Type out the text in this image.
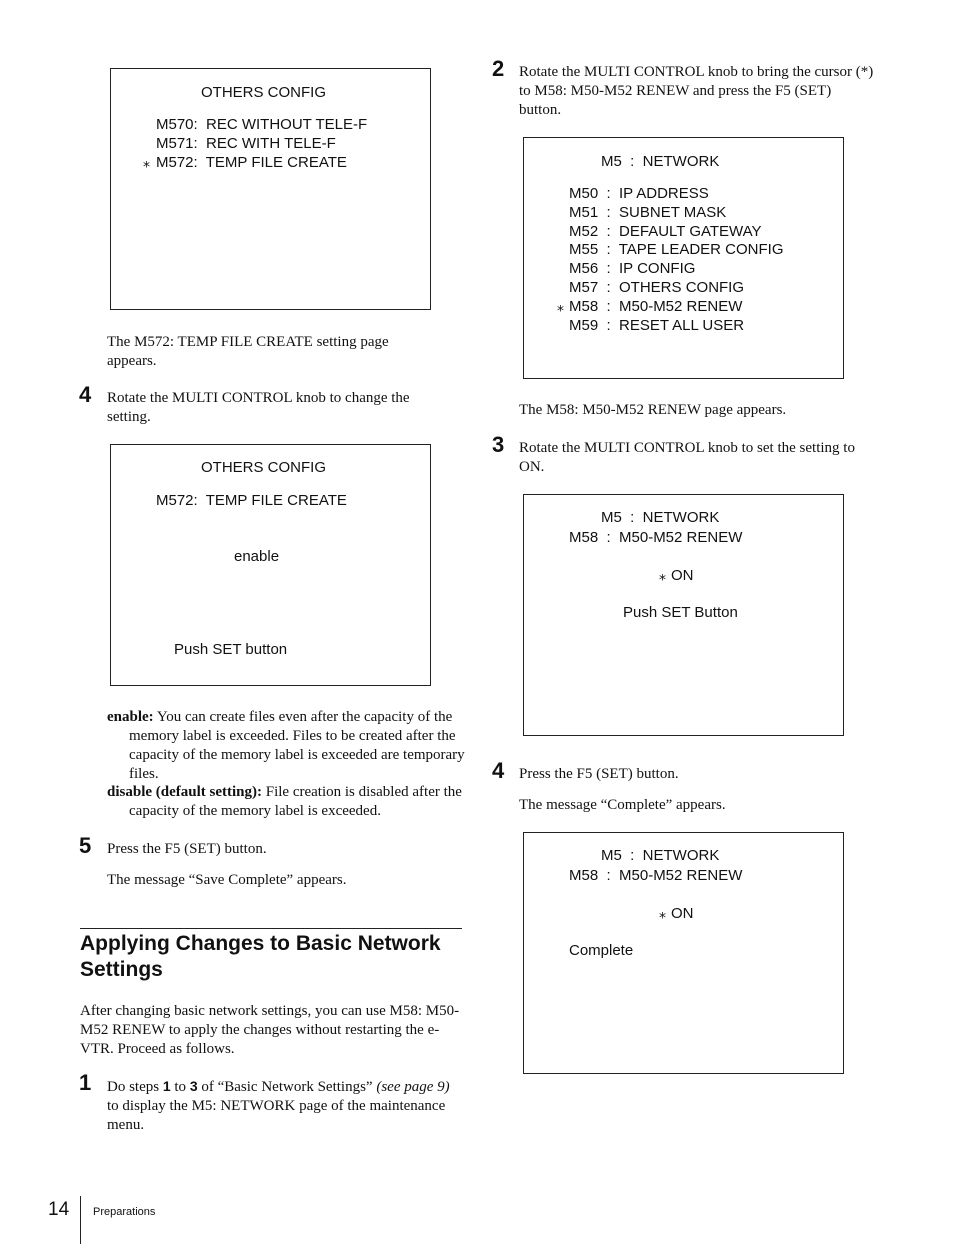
OTHERS CONFIG
M570:  REC WITHOUT TELE-F
M571:  REC WITH TELE-F
⁎ M572:  TEMP FILE CREATE
The M572: TEMP FILE CREATE setting page appears.
4 Rotate the MULTI CONTROL knob to change the setting.
OTHERS CONFIG
M572:  TEMP FILE CREATE
enable
Push SET button
enable: You can create files even after the capacity of the memory label is exceeded. Files to be created after the capacity of the memory label is exceeded are temporary files.
disable (default setting): File creation is disabled after the capacity of the memory label is exceeded.
5 Press the F5 (SET) button.
The message “Save Complete” appears.
Applying Changes to Basic Network Settings
After changing basic network settings, you can use M58: M50-M52 RENEW to apply the changes without restarting the e-VTR. Proceed as follows.
1 Do steps 1 to 3 of “Basic Network Settings” (see page 9) to display the M5: NETWORK page of the maintenance menu.
2 Rotate the MULTI CONTROL knob to bring the cursor (*) to M58: M50-M52 RENEW and press the F5 (SET) button.
M5  :  NETWORK
M50  :  IP ADDRESS
M51  :  SUBNET MASK
M52  :  DEFAULT GATEWAY
M55  :  TAPE LEADER CONFIG
M56  :  IP CONFIG
M57  :  OTHERS CONFIG
⁎ M58  :  M50-M52 RENEW
M59  :  RESET ALL USER
The M58: M50-M52 RENEW page appears.
3 Rotate the MULTI CONTROL knob to set the setting to ON.
M5  :  NETWORK
M58  :  M50-M52 RENEW
⁎ ON
Push SET Button
4 Press the F5 (SET) button.
The message “Complete” appears.
M5  :  NETWORK
M58  :  M50-M52 RENEW
⁎ ON
Complete
14 Preparations
